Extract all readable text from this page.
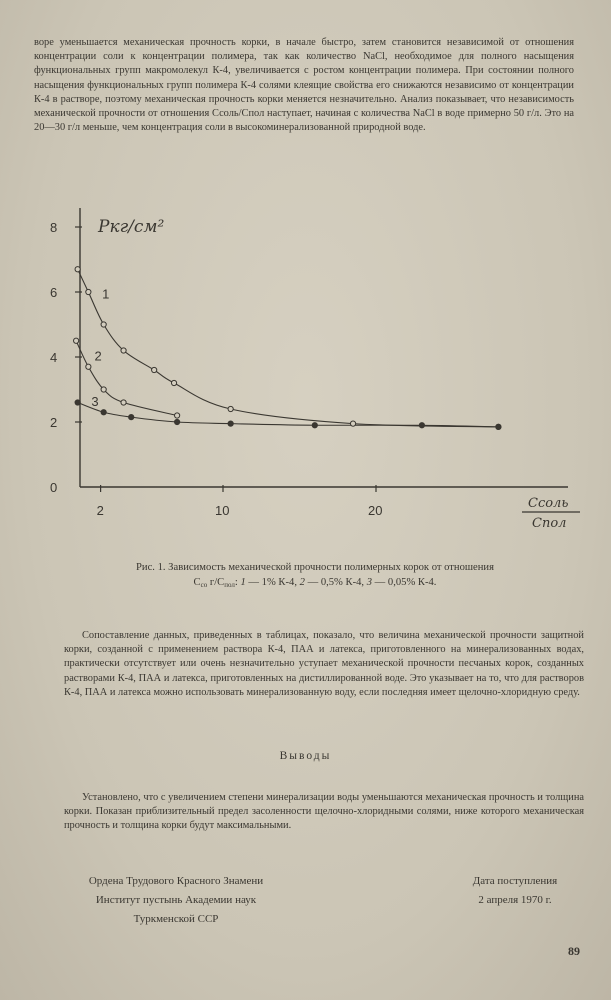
воре уменьшается механическая прочность корки, в начале быстро, затем становится независимой от отношения концентрации соли к концентрации полимера, так как количество NaCl, необходимое для полного насыщения функциональных групп макромолекул К-4, увеличивается с ростом концентрации полимера. При состоянии полного насыщения функциональных групп полимера К-4 солями клеящие свойства его снижаются независимо от концентрации К-4 в растворе, поэтому механическая прочность корки меняется незначительно. Анализ показывает, что независимость механической прочности от отношения Ссоль/Спол наступает, начиная с количества NaCl в воде примерно 50 г/л. Это на 20—30 г/л меньше, чем концентрация соли в высокоминерализованной природной воде.
0
2
4
6
8
2	10	20
1
2
3
Pкг/см²
Ссоль
Спол
Рис. 1. Зависимость механической прочности полимерных корок от отношения
$С_{со}$ $г/С_{пол}$: 1 — 1% К-4, 2 — 0,5% К-4, 3 — 0,05% К-4.
Сопоставление данных, приведенных в таблицах, показало, что величина механической прочности защитной корки, созданной с применением раствора К-4, ПАА и латекса, приготовленного на минерализованных водах, практически отсутствует или очень незначительно уступает механической прочности песчаных корок, созданных растворами К-4, ПАА и латекса, приготовленных на дистиллированной воде. Это указывает на то, что для растворов К-4, ПАА и латекса можно использовать минерализованную воду, если последняя имеет щелочно-хлоридную среду.
Выводы
Установлено, что с увеличением степени минерализации воды уменьшаются механическая прочность и толщина корки. Показан приблизительный предел засоленности щелочно-хлоридными солями, ниже которого механическая прочность и толщина корки будут максимальными.
Ордена Трудового Красного Знамени
Институт пустынь Академии наук
Туркменской ССР
Дата поступления
2 апреля 1970 г.
89
